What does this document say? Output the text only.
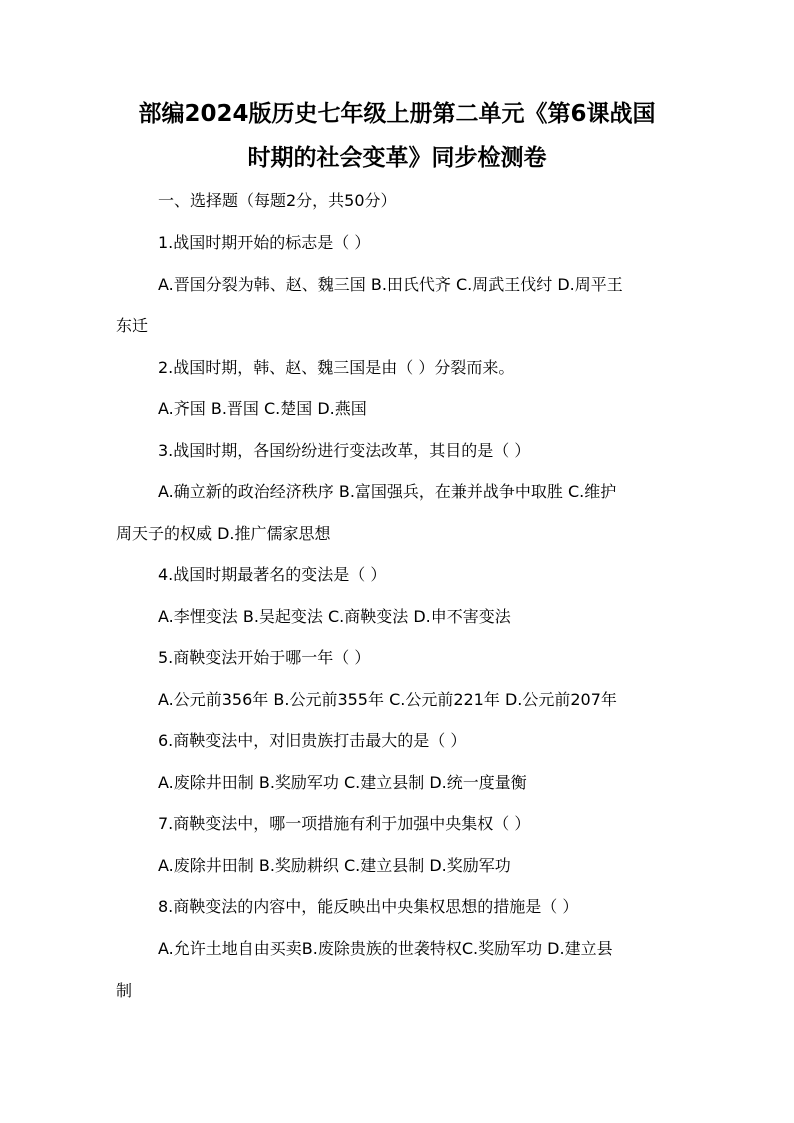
部编2024版历史七年级上册第二单元《第6课战国
时期的社会变革》同步检测卷
一、选择题（每题2分，共50分）
1.战国时期开始的标志是（ ）
A.晋国分裂为韩、赵、魏三国 B.田氏代齐 C.周武王伐纣 D.周平王
东迁
2.战国时期，韩、赵、魏三国是由（ ）分裂而来。
A.齐国 B.晋国 C.楚国 D.燕国
3.战国时期，各国纷纷进行变法改革，其目的是（ ）
A.确立新的政治经济秩序 B.富国强兵，在兼并战争中取胜 C.维护
周天子的权威 D.推广儒家思想
4.战国时期最著名的变法是（ ）
A.李悝变法 B.吴起变法 C.商鞅变法 D.申不害变法
5.商鞅变法开始于哪一年（ ）
A.公元前356年 B.公元前355年 C.公元前221年 D.公元前207年
6.商鞅变法中，对旧贵族打击最大的是（ ）
A.废除井田制 B.奖励军功 C.建立县制 D.统一度量衡
7.商鞅变法中，哪一项措施有利于加强中央集权（ ）
A.废除井田制 B.奖励耕织 C.建立县制 D.奖励军功
8.商鞅变法的内容中，能反映出中央集权思想的措施是（ ）
A.允许土地自由买卖B.废除贵族的世袭特权C.奖励军功 D.建立县
制
